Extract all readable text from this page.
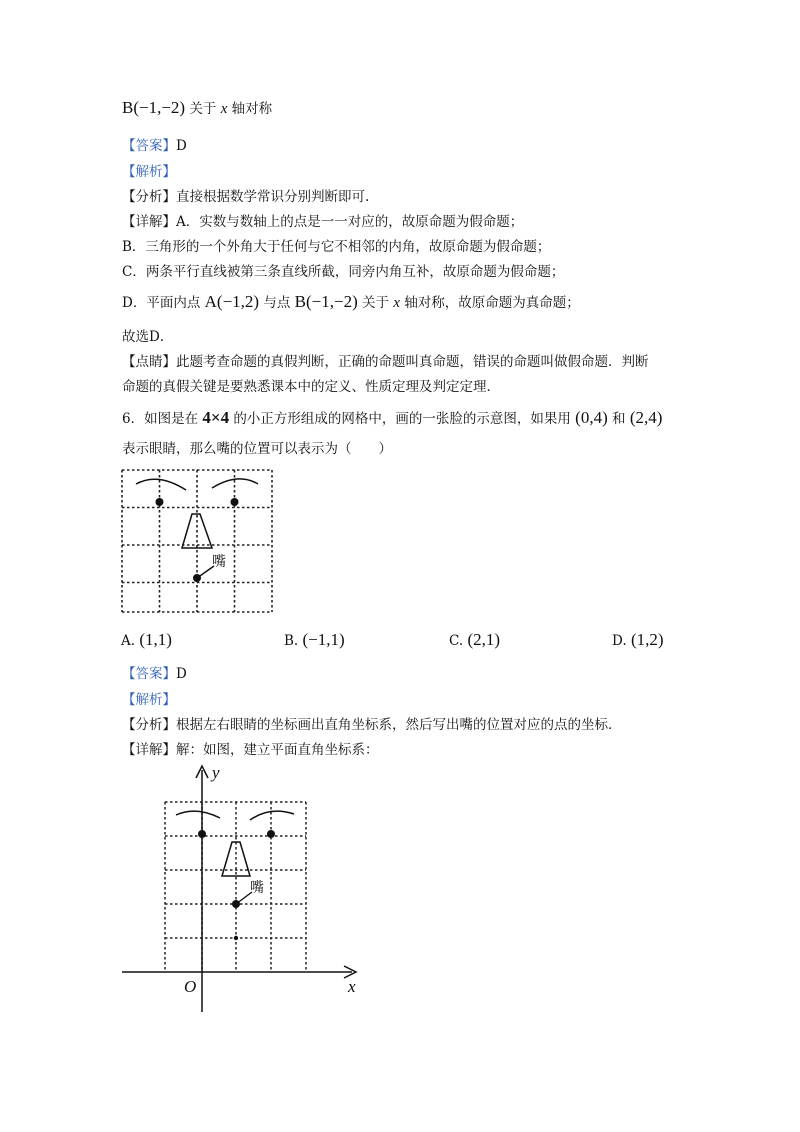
B(−1,−2) 关于 x 轴对称
【答案】D
【解析】
【分析】直接根据数学常识分别判断即可.
【详解】A．实数与数轴上的点是一一对应的，故原命题为假命题；
B．三角形的一个外角大于任何与它不相邻的内角，故原命题为假命题；
C．两条平行直线被第三条直线所截，同旁内角互补，故原命题为假命题；
D．平面内点 A(−1,2) 与点 B(−1,−2) 关于 x 轴对称，故原命题为真命题；
故选D．
【点睛】此题考查命题的真假判断，正确的命题叫真命题，错误的命题叫做假命题．判断
命题的真假关键是要熟悉课本中的定义、性质定理及判定定理．
6．如图是在 4×4 的小正方形组成的网格中，画的一张脸的示意图，如果用 (0,4) 和 (2,4)
表示眼睛，那么嘴的位置可以表示为（　　）
嘴
A. (1,1)	B. (−1,1)	C. (2,1)	D. (1,2)
【答案】D
【解析】
【分析】根据左右眼睛的坐标画出直角坐标系，然后写出嘴的位置对应的点的坐标．
【详解】解：如图，建立平面直角坐标系：
y
x
O
嘴
